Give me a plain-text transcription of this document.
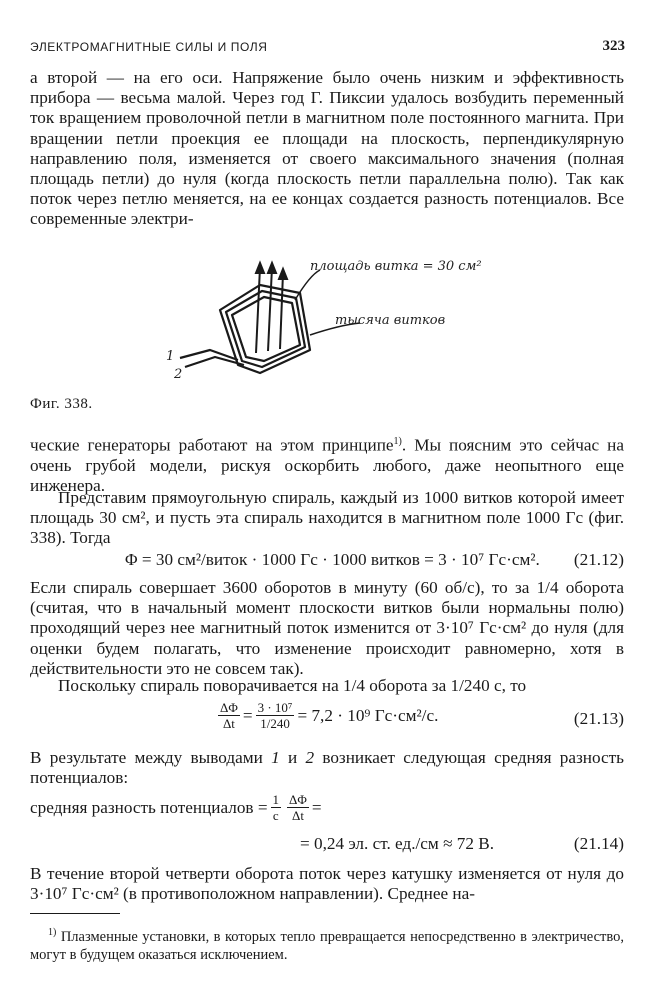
ЭЛЕКТРОМАГНИТНЫЕ СИЛЫ И ПОЛЯ	323

а второй — на его оси. Напряжение было очень низким и эффективность прибора — весьма малой. Через год Г. Пиксии удалось возбудить переменный ток вращением проволочной петли в магнитном поле постоянного магнита. При вращении петли проекция ее площади на плоскость, перпендикулярную направлению поля, изменяется от своего максимального значения (полная площадь петли) до нуля (когда плоскость петли параллельна полю). Так как поток через петлю меняется, на ее концах создается разность потенциалов. Все современные электри-

площадь витка = 30 см²
тысяча витков
1
2
Фиг. 338.

ческие генераторы работают на этом принципе$^{1)}$. Мы поясним это сейчас на очень грубой модели, рискуя оскорбить любого, даже неопытного еще инженера.

Представим прямоугольную спираль, каждый из 1000 витков которой имеет площадь 30 см², и пусть эта спираль находится в магнитном поле 1000 Гс (фиг. 338). Тогда

Φ = 30 см²/виток · 1000 Гс · 1000 витков = 3 · 10⁷ Гс·см². (21.12)

Если спираль совершает 3600 оборотов в минуту (60 об/с), то за 1/4 оборота (считая, что в начальный момент плоскости витков были нормальны полю) проходящий через нее магнитный поток изменится от 3·10⁷ Гс·см² до нуля (для оценки будем полагать, что изменение происходит равномерно, хотя в действительности это не совсем так).

Поскольку спираль поворачивается на 1/4 оборота за 1/240 с, то

$\frac{\Delta\Phi}{\Delta t} = \frac{\text{3 · 10⁷}}{1/240} = 7,2 \cdot 10^9$ Гс·см²/с.	(21.13)

В результате между выводами 1 и 2 возникает следующая средняя разность потенциалов:

средняя разность потенциалов = $\frac{1}{c} \frac{\Delta\Phi}{\Delta t}$ =
= 0,24 эл. ст. ед./см ≈ 72 В.	(21.14)

В течение второй четверти оборота поток через катушку изменяется от нуля до 3·10⁷ Гс·см² (в противоположном направлении). Среднее на-

$^{1)}$ Плазменные установки, в которых тепло превращается непосредственно в электричество, могут в будущем оказаться исключением.
